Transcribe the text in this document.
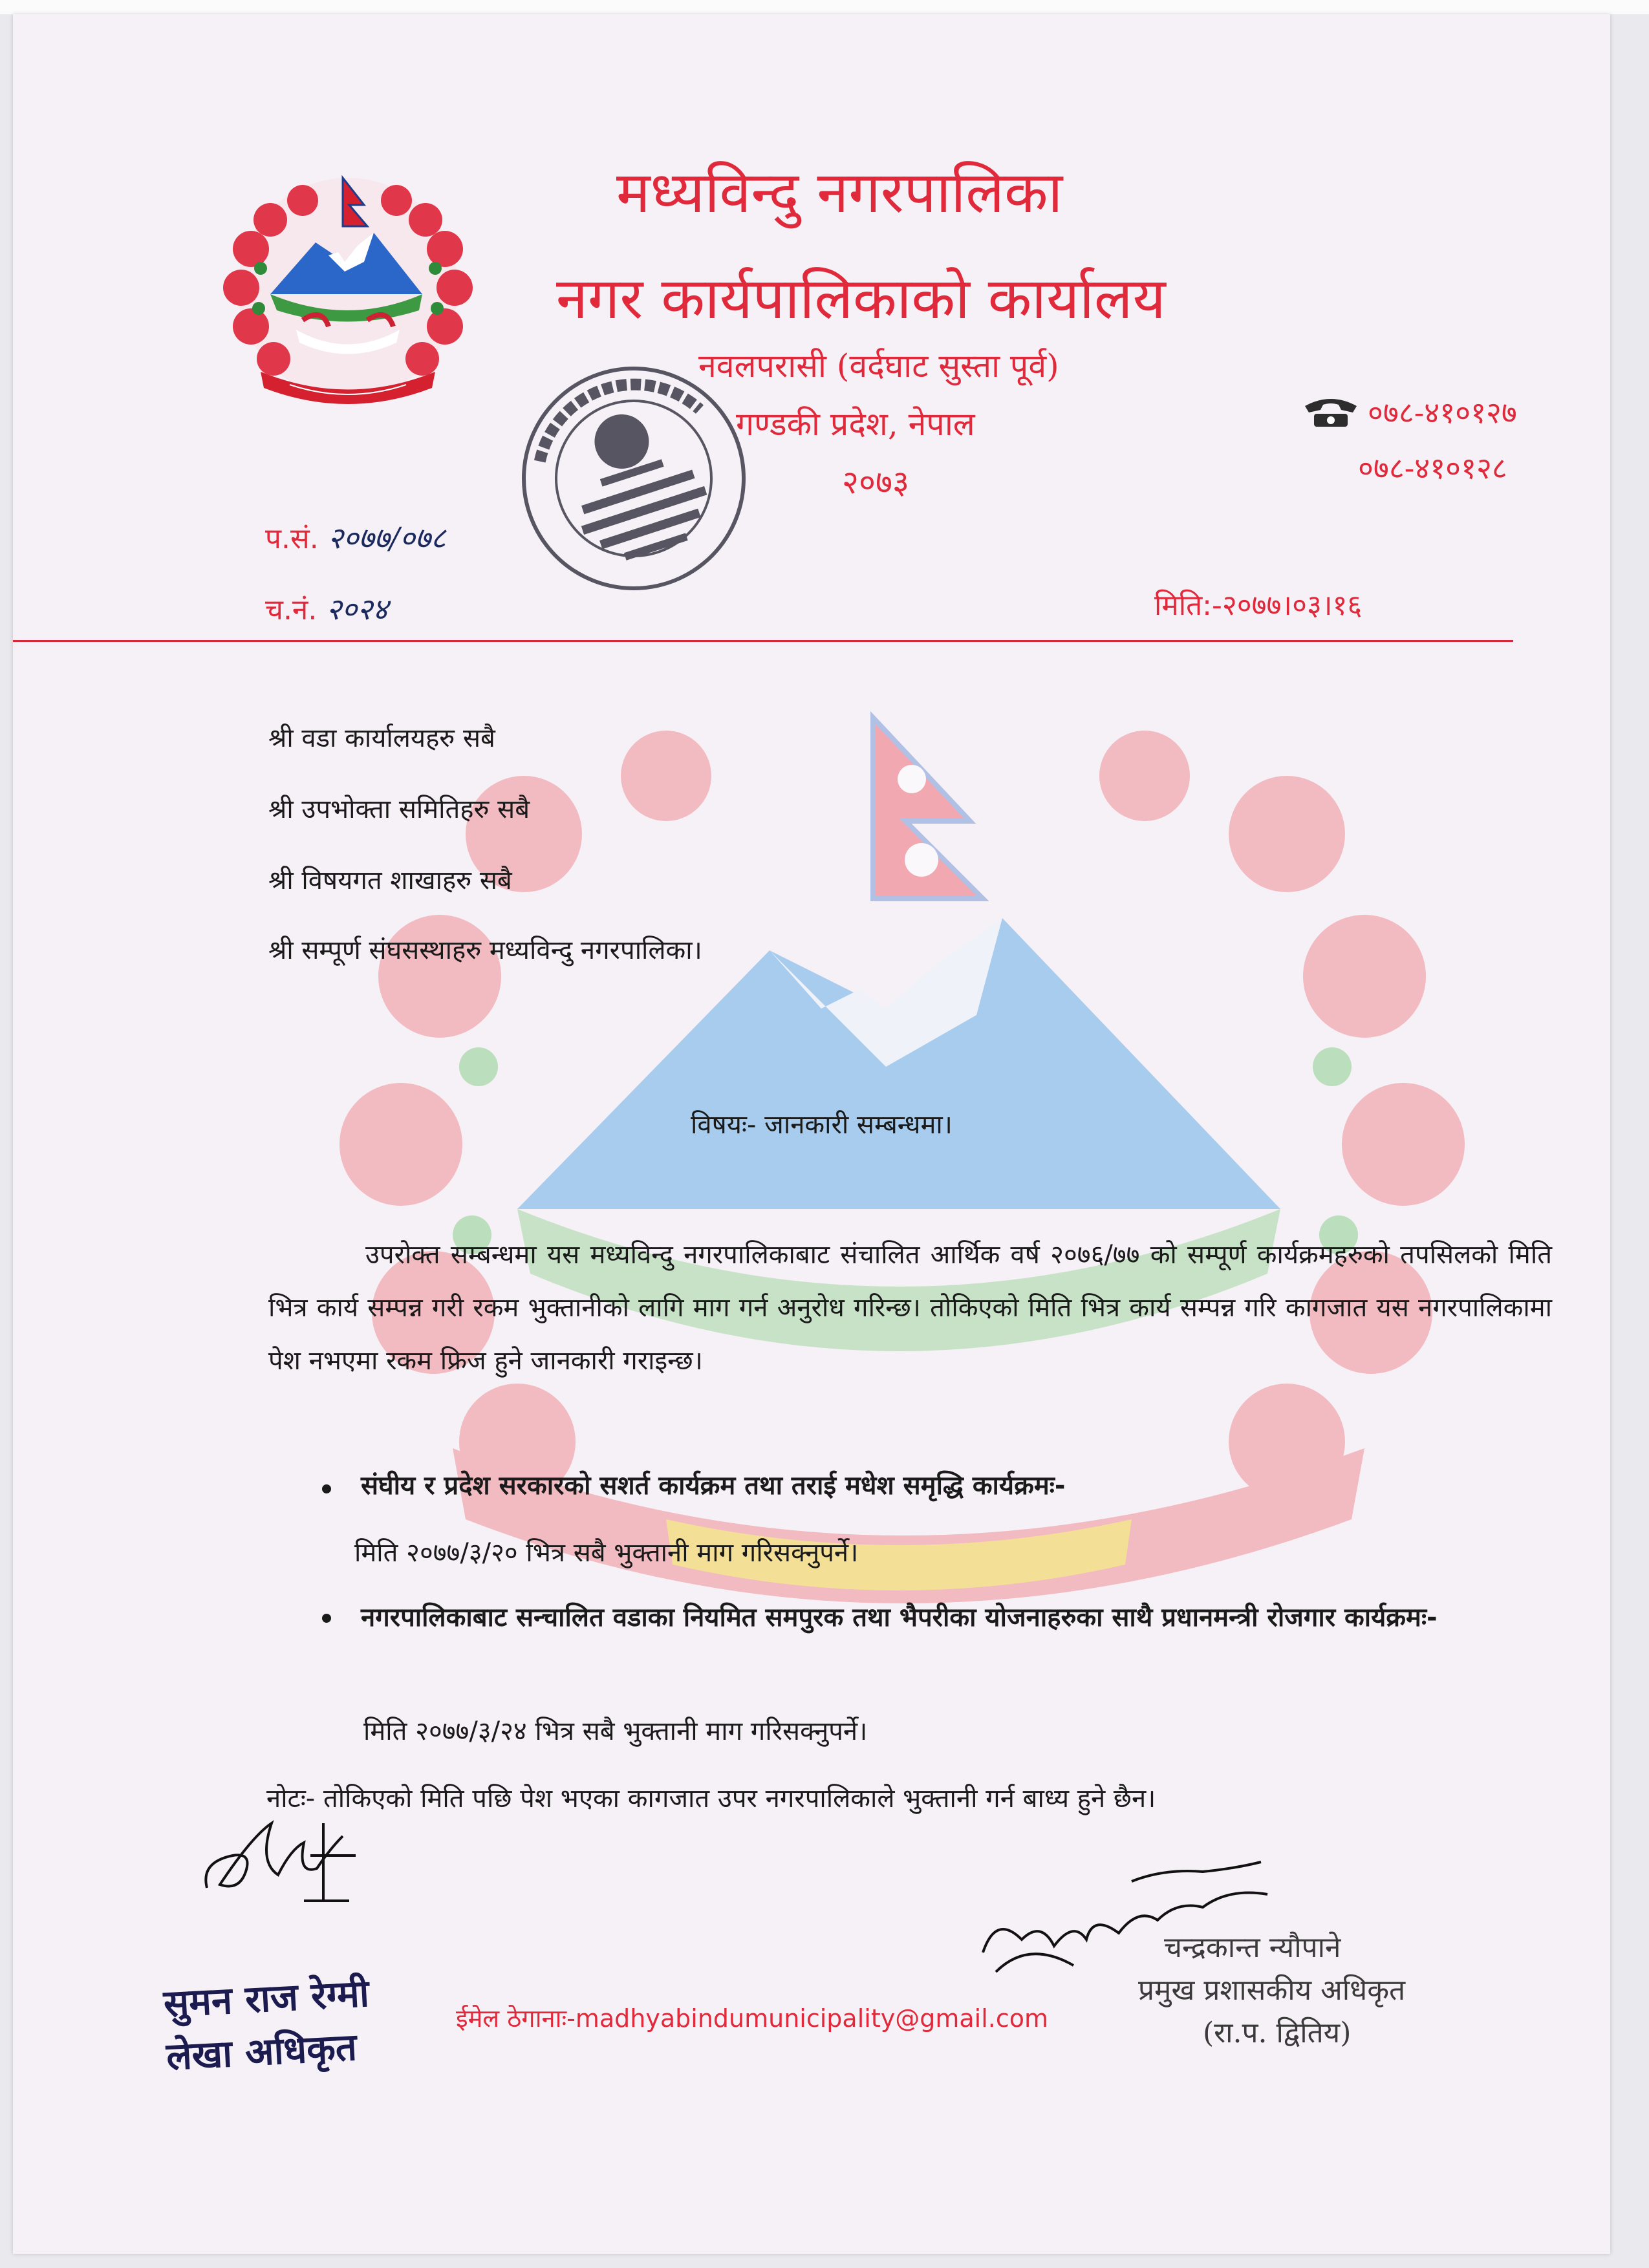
मध्यविन्दु नगरपालिका
नगर कार्यपालिकाको कार्यालय
नवलपरासी (वर्दघाट सुस्ता पूर्व)
गण्डकी प्रदेश, नेपाल
२०७३
०७८-४१०१२७
०७८-४१०१२८
प.सं. २०७७/०७८
च.नं. २०२४	मिति:-२०७७।०३।१६
श्री वडा कार्यालयहरु सबै
श्री उपभोक्ता समितिहरु सबै
श्री विषयगत शाखाहरु सबै
श्री सम्पूर्ण संघसस्थाहरु मध्यविन्दु नगरपालिका।
विषयः- जानकारी सम्बन्धमा।

उपरोक्त सम्बन्धमा यस मध्यविन्दु नगरपालिकाबाट संचालित आर्थिक वर्ष २०७६/७७ को सम्पूर्ण कार्यक्रमहरुको तपसिलको मिति भित्र कार्य सम्पन्न गरी रकम भुक्तानीको लागि माग गर्न अनुरोध गरिन्छ। तोकिएको मिति भित्र कार्य सम्पन्न गरि कागजात यस नगरपालिकामा पेश नभएमा रकम फ्रिज हुने जानकारी गराइन्छ।

संघीय र प्रदेश सरकारको सशर्त कार्यक्रम तथा तराई मधेश समृद्धि कार्यक्रमः-
मिति २०७७/३/२० भित्र सबै भुक्तानी माग गरिसक्नुपर्ने।
नगरपालिकाबाट सन्चालित वडाका नियमित समपुरक तथा भैपरीका योजनाहरुका साथै प्रधानमन्त्री रोजगार कार्यक्रमः-
मिति २०७७/३/२४ भित्र सबै भुक्तानी माग गरिसक्नुपर्ने।
नोटः- तोकिएको मिति पछि पेश भएका कागजात उपर नगरपालिकाले भुक्तानी गर्न बाध्य हुने छैन।
सुमन राज रेग्मी
लेखा अधिकृत
चन्द्रकान्त न्यौपाने
प्रमुख प्रशासकीय अधिकृत
(रा.प. द्वितिय)
ईमेल ठेगानाः-madhyabindumunicipality@gmail.com
